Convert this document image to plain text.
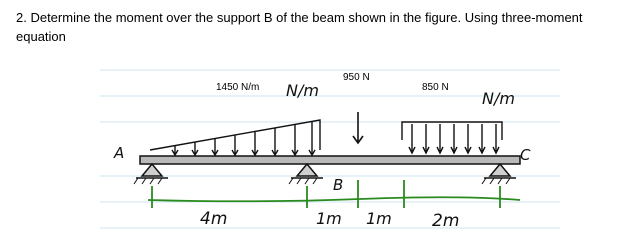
2. Determine the moment over the support B of the beam shown in the figure. Using three-moment equation

A
B
C
1450 N/m N/m
950 N
850 N
N/m
4m	1m 1m 2m
